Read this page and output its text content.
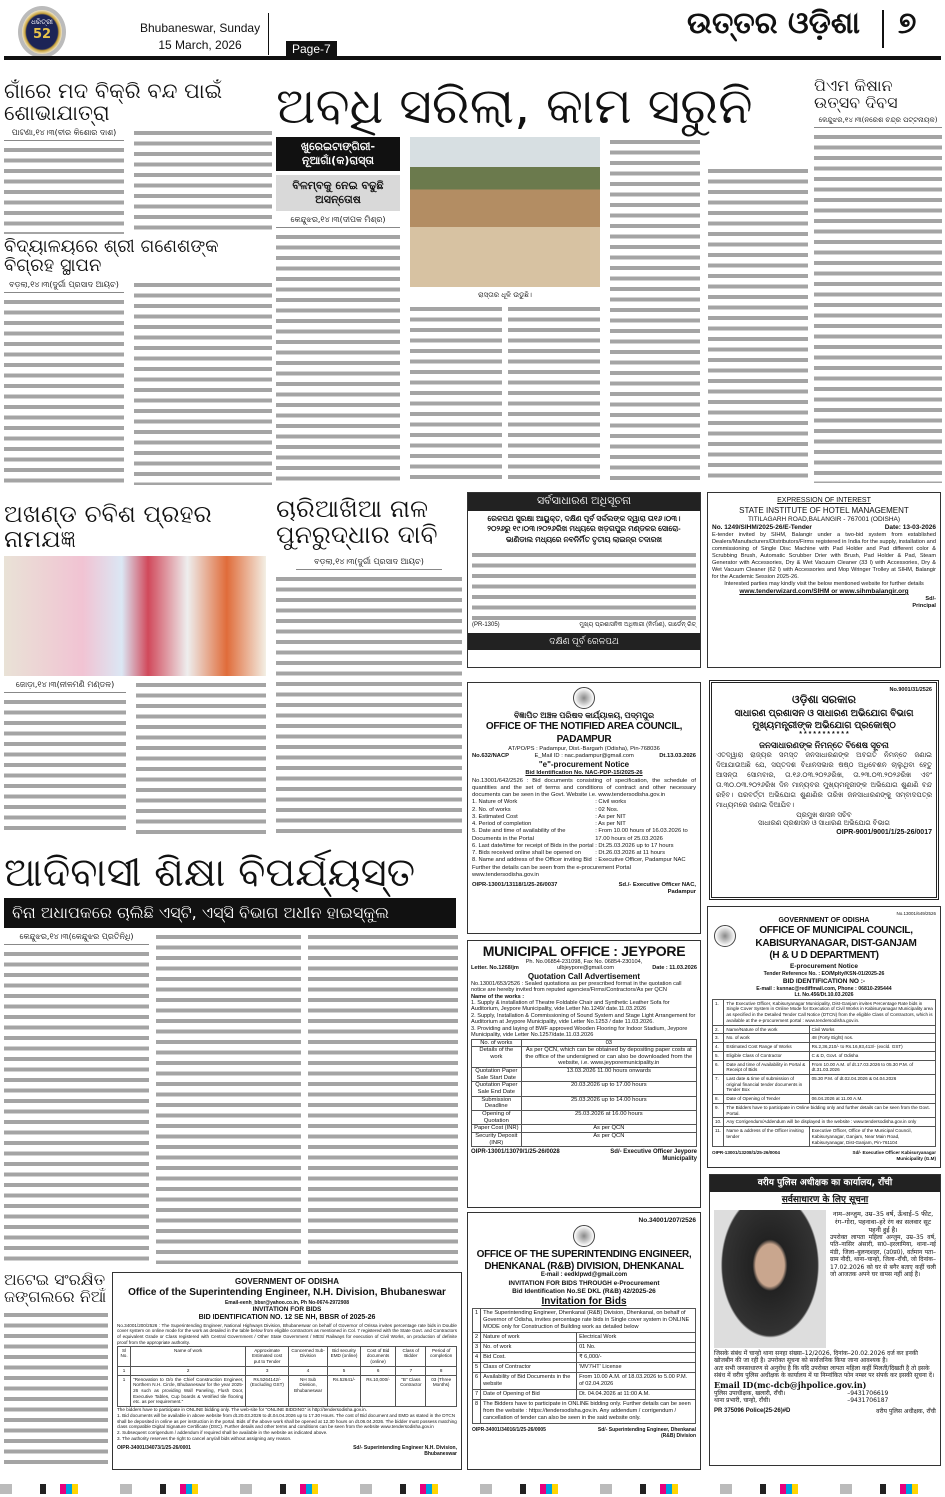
ଧରିତ୍ରୀ
52	Bhubaneswar, Sunday
15 March, 2026	Page-7
ଉତ୍ତର ଓଡ଼ିଶା ୭
ଗାଁରେ ମଦ ବିକ୍ରି ବନ୍ଦ ପାଇଁ ଶୋଭାଯାତ୍ରା
ପାଟଣା,୧୪।୩(ବୀର କିଶୋର ଦାଶ)	ଅବଧି ସରିଲା, କାମ ସରୁନି
ଖୁରେଇଟାଙ୍ଗିରୀ-ନୂଆଗାଁ(କ)ରାସ୍ତା
ବିଳମ୍ବକୁ ନେଇ ବଢୁଛି ଅସନ୍ତୋଷ
କେନ୍ଦୁଝର,୧୪।୩(ଦୀପକ ମିଶ୍ର)
ରାସ୍ତାର ଧୂଳି ଉଡୁଛି।
ବିଦ୍ୟାଳୟରେ ଶ୍ରୀ ଗଣେଶଙ୍କ ବିଗ୍ରହ ସ୍ଥାପନ
ବଡ଼ଲା,୧୪।୩(ଦୁର୍ଗା ପ୍ରସାଦ ଆୟଚ)
ପିଏମ କିଷାନ ଉତ୍ସବ ଦିବସ
କେନ୍ଦୁଝର,୧୪।୩(ନରେଶ ଚନ୍ଦ୍ର ପଟ୍ଟନାୟକ)
ଅଖଣ୍ଡ ଚବିଶ ପ୍ରହର ନାମଯଜ୍ଞ
ଜୋଡ଼ା,୧୪।୩(ନୀଳମଣି ମଣ୍ଡଳ)
ଚାରିଆଖିଆ ନାଳ ପୁନରୁଦ୍ଧାର ଦାବି
ବଡ଼ଲା,୧୪।୩(ଦୁର୍ଗା ପ୍ରସାଦ ଆୟଚ)
ଆଦିବାସୀ ଶିକ୍ଷା ବିପର୍ଯ୍ୟସ୍ତ
ବିନା ଅଧାପକରେ ଚାଲିଛି ଏସ୍‌ଟି, ଏସ୍‌ସି ବିଭାଗ ଅଧୀନ ହାଇସ୍କୁଲ
କେନ୍ଦୁଝର,୧୪।୩(କେନ୍ଦୁଝର ପ୍ରତିନିଧି)
ଅଟେଇ ସଂରକ୍ଷିତ ଜଙ୍ଗଲରେ ନିଆଁ
ସର୍ବସାଧାରଣ ଅଧିସୂଚନା
ରେଳପଥ ସୁରକ୍ଷା ଆୟୁକ୍ତ, ଦକ୍ଷିଣ ପୂର୍ବ ସର୍କଲଙ୍କ ଦ୍ୱାରା ତା୧୬।୦୩।୨୦୨୬ରୁ ୧୯।୦୩।୨୦୨୬ରିଖ ମଧ୍ୟରେ ଖଡ଼ଗପୁର ମଣ୍ଡଳର ସୋରୋ-ଭାଣିଡାଲ ମଧ୍ୟରେ ନବନିର୍ମିତ ତୃତୀୟ ଲାଇନ୍‌ର ତଦାରଖ
(PR-1305)	ମୁଖ୍ୟ ପ୍ରଶାସନିକ ଅଧିକାରୀ (ନିର୍ମାଣ), ଗାର୍ଡେନ୍ ରିଚ୍
ଦକ୍ଷିଣ ପୂର୍ବ ରେଳପଥ
EXPRESSION OF INTEREST
STATE INSTITUTE OF HOTEL MANAGEMENT
TITILAGARH ROAD,BALANGIR - 767001 (ODISHA)
No. 1249/SIHM/2025-26/E-Tender	Date: 13-03-2026
E-tender invited by SIHM, Balangir under a two-bid system from established Dealers/Manufacturers/Distributors/Firms registered in India for the supply, installation and commissioning of Single Disc Machine with Pad Holder and Pad different color & Scrubbing Brush, Automatic Scrubber Drier with Brush, Pad Holder & Pad, Steam Generator with Accessories, Dry & Wet Vacuum Cleaner (33 l) with Accessories, Dry & Wet Vacuum Cleaner (62 l) with Accessories and Mop Wringer Trolley at SIHM, Balangir for the Academic Session 2025-26.
Interested parties may kindly visit the below mentioned website for further details
www.tenderwizard.com/SIHM or www.sihmbalangir.org
Sd/-
Principal
ବିଜ୍ଞାପିତ ଅଞ୍ଚଳ ପରିଷଦ କାର୍ଯ୍ୟାଳୟ, ପଦ୍ମପୁର
OFFICE OF THE NOTIFIED AREA COUNCIL, PADAMPUR
AT/PO/PS : Padampur, Dist.-Bargarh (Odisha), Pin-768036
No.632/NACP	E_Mail ID : nac.padampur@gmail.com	Dt.13.03.2026
"e"-procurement Notice
Bid Identification No. NAC-PDP-15/2025-26
No.13001/642/2526 : Bid documents consisting of specification, the schedule of quantities and the set of terms and conditions of contract and other necessary documents can be seen in the Govt. Website i.e. www.tendersodisha.gov.in
1. Nature of Work	: Civil works
2. No. of works	: 02 Nos.
3. Estimated Cost	: As per NIT
4. Period of completion	: As per NIT
5. Date and time of availability of the Documents in the Portal
: From 10.00 hours of 16.03.2026 to 17.00 hours of 25.03.2026
6. Last date/time for receipt of Bids in the portal : Dt.25.03.2026 up to 17 hours
7. Bids received online shall be opened on	: Dt.26.03.2026 at 11 hours
8. Name and address of the Officer inviting Bid : Executive Officer, Padampur NAC
Further the details can be seen from the e-procurement Portal www.tendersodisha.gov.in
OIPR-13001/13118/1/25-26/0037	Sd./- Executive Officer NAC, Padampur
No.9001/31/2526
ଓଡ଼ିଶା ସରକାର
ସାଧାରଣ ପ୍ରଶାସନ ଓ ସାଧାରଣ ଅଭିଯୋଗ ବିଭାଗ
ମୁଖ୍ୟମନ୍ତ୍ରୀଙ୍କ ଅଭିଯୋଗ ପ୍ରକୋଷ୍ଠ
* * * * * * * * * * *
ଜନସାଧାରଣଙ୍କ ନିମନ୍ତେ ବିଶେଷ ସୂଚନା
ଏତଦ୍ୱାରା ରାଜ୍ୟର ସମସ୍ତ ଜନସାଧାରଣଙ୍କ ଅବଗତି ନିମନ୍ତେ ଜଣାଇ ଦିଆଯାଉଅଛି ଯେ, ସପ୍ତଦଶ ବିଧାନସଭାର ଷଷ୍ଠ ଅଧିବେଶନ ଚାଲୁଥିବା ହେତୁ ଆସନ୍ତା ସୋମବାର, ତା.୧୬.୦୩.୨୦୨୬ରିଖ, ତା.୨୩.୦୩.୨୦୨୬ରିଖ ଏବଂ ତା.୩୦.୦୩.୨୦୨୬ରିଖ ଦିନ ମାନ୍ୟବର ମୁଖ୍ୟମନ୍ତ୍ରୀଙ୍କ ଅଭିଯୋଗ ଶୁଣାଣି ବନ୍ଦ ରହିବ। ପରବର୍ତ୍ତୀ ଅଭିଯୋଗ ଶୁଣାଣିର ତାରିଖ ଜନସାଧାରଣଙ୍କୁ ସମ୍ବାଦପତ୍ର ମାଧ୍ୟମରେ ଜଣାଇ ଦିଆଯିବ।
ପ୍ରମୁଖ ଶାସନ ସଚିବ
ସାଧାରଣ ପ୍ରଶାସନ ଓ ସାଧାରଣ ଅଭିଯୋଗ ବିଭାଗ
OIPR-9001/9001/1/25-26/0017
MUNICIPAL OFFICE : JEYPORE
Ph. No.06854-231098, Fax No. 06854-230104,
Letter. No.1268/jm	ulbjeypore@gmail.com	Date : 11.03.2026
Quotation Call Advertisement
No.13001/653/2526 : Sealed quotations as per prescribed format in the quotation call notice are hereby invited from reputed agencies/Firms/Contractors/As per QCN
Name of the works :
1. Supply & installation of Theatre Foldable Chair and Synthetic Leather Sofa for Auditorium, Jeypore Municipality, vide Letter No.1249/ date.11.03.2026
2. Supply, Installation & Commissioning of Sound System and Stage Light Arrangement for Auditorium at Jeypore Municipality, vide Letter No.1253 / date 11.03.2026.
3. Providing and laying of BWF approved Wooden Flooring for Indoor Stadium, Jeypore Municipality, vide Letter No.1257/date.11.03.2026
No. of works	03
Details of the work	As per QCN, which can be obtained by depositing paper costs at the office of the undersigned or can also be downloaded from the website, i.e. www.jeyporemunicipality.in
Quotation Paper Sale Start Date	13.03.2026 11.00 hours onwards
Quotation Paper Sale End Date	20.03.2026 up to 17.00 hours
Submission Deadline	25.03.2026 up to 14.00 hours
Opening of Quotation	25.03.2026 at 16.00 hours
Paper Cost (INR)	As per QCN
Security Deposit (INR)	As per QCN
OIPR-13001/13079/1/25-26/0028	Sd/- Executive Officer Jeypore Municipality
No.13001/649/2526
GOVERNMENT OF ODISHA
OFFICE OF MUNICIPAL COUNCIL, KABISURYANAGAR, DIST-GANJAM
(H & U D DEPARTMENT)
E-procurement Notice
Tender Reference No. : EO/Mplty/KSN-01/2025-26
BID IDENTIFICATION NO :-
E-mail : ksnnac@rediffmail.com, Phone : 06810-295444
Lt. No.456/Dt.10.03.2026
1.	The Executive Officer, Kabisuryanagar Municipality, Dist-Ganjam invites Percentage Rate bids in Single Cover System in Online Mode for Execution of Civil Works in Kabisuryanagar Municipality area as specified in the Detailed Tender Call Notice (DTCN) from the eligible Class of Contractors, which is available at the e-procurement portal : www.tendersodisha.gov.in.	
2.	Name/Nature of the work	Civil Works
3.	No. of work	48 (Forty Eight) nos.
4.	Estimated Cost Range of Works	Rs.2,36,210/- to Rs.16,93,413/- (excld. GST)
5.	Eligible Class of Contractor	C & D, Govt. of Odisha
6.	Date and time of Availability in Portal & Receipt of Bids	From 10.00 A.M. of dt.17.03.2026 to 05.30 P.M. of dt.31.03.2026
7.	Last date & time of submission of original financial tender documents in Tender Box	05.30 P.M. of dt.02.04.2026 & 04.04.2026
8.	Date of Opening of Tender	06.04.2026 at 11.00 A.M.
9.	The Bidders have to participate in Online bidding only and further details can be seen from the Govt. Portal.	
10.	Any Corrigendum/Addendum will be displayed in the website : www.tendersodisha.gov.in only	
11.	Name & address of the Officer inviting tender	Executive Officer, Office of the Municipal Council, Kabisuryanagar, Ganjam, Near Main Road, Kabisuryanagar, Dist-Ganjam, Pin-761104
OIPR-13001/13208/1/25-26/0004	Sd/- Executive Officer Kabisuryanagar Municipality (G.M)
No.34001/207/2526
OFFICE OF THE SUPERINTENDING ENGINEER, DHENKANAL (R&B) DIVISION, DHENKANAL
E-mail : eedklpwd@gmail.com
INVITATION FOR BIDS THROUGH e-Procurement
Bid Identification No.SE DKL (R&B) 42/2025-26
Invitation for Bids
1	The Superintending Engineer, Dhenkanal (R&B) Division, Dhenkanal, on behalf of Governor of Odisha, invites percentage rate bids in Single cover system in ONLINE MODE only for Construction of Building work as detailed below	
2	Nature of work	Electrical Work
3	No. of work	01 No.
4	Bid Cost.	₹ 6,000/-
5	Class of Contractor	'MV'/'HT' License
6	Availability of Bid Documents in the website	From 10.00 A.M. of 18.03.2026 to 5.00 P.M. of 02.04.2026
7	Date of Opening of Bid	Dt. 04.04.2026 at 11:00 A.M.
8	The Bidders have to participate in ONLINE bidding only. Further details can be seen from the website : https://tendersodisha.gov.in. Any addendum / corrigendum / cancellation of tender can also be seen in the said website only.	
OIPR-34001/34016/1/25-26/0005	Sd/- Superintending Engineer, Dhenkanal (R&B) Division
वरीय पुलिस अधीक्षक का कार्यालय, राँची
सर्वसाधारण के लिए सूचना
नाम–अन्जुम, उम्र–35 वर्ष, ऊँचाई–5 फीट, रंग–गोरा, पहनावा–हरे रंग का सलवार सूट पहनी हुई है।
उपरोक्त लापता महिला अन्जुम, उम्र–35 वर्ष, पति–नासिर अंसारी, सा0–इरलामिया, थाना–नई मंडी, जिला–बुलन्दशहर, (उ0प्र0), वर्तमान पता–ग्राम नौदी, थाना–चान्हो, जिला–राँची, जो दिनांक–17.02.2026 को घर से बगैर बताए कहीं चली जो आजतक अपने घर वापस नहीं आई है।
जिसके संबंध में चान्हो थाना सनहा संख्या–12/2026, दिनांक–20.02.2026 दर्ज कर इनकी खोजबीन की जा रही है। उपरोक्त सूचना को सार्वजनिक किया जाना आवश्यक है।
अतः सभी जनसाधारण से अनुरोध है कि यदि उपरोक्त लापता महिला कहीं मिलती/दिखती है तो इसके संबंध में वरीय पुलिस अधीक्षक के कार्यालय में या निम्नांकित फोन नम्बर पर संपर्क कर इसकी सूचना दें।
Email ID(mc-dcb@jhpolice.gov.in)
पुलिस उपाधीक्षक, खलारी, राँची।	–9431706619
थाना प्रभारी, चान्हो, राँची।	–9431706187
PR 375096 Police(25-26)#D	वरीय पुलिस अधीक्षक, राँची
GOVERNMENT OF ODISHA
Office of the Superintending Engineer, N.H. Division, Bhubaneswar
Email-eenh_bbsr@yahoo.co.in, Ph No-0674-2972908
INVITATION FOR BIDS
BID IDENTIFICATION NO. 12 SE NH, BBSR of 2025-26
No.34001/200/2526 : The Superintending Engineer, National Highways Division, Bhubaneswar on behalf of Governor of Orissa invites percentage rate bids in Double cover system on online mode for the work as detailed in the table below from eligible contractors as mentioned in Col. 7 registered with the State Govt. and Contractors of equivalent Grade or Class registered with Central Government / Other State Government / MES/ Railways for execution of Civil Works, on production of definite proof from the appropriate authority.
Sl No.	Name of work	Approximate Estimated cost put to Tender	Concerned Sub-Division	Bid security EMD (online)	Cost of Bid documents (online)	Class of Bidder	Period of completion
1	2	3	4	5	6	7	8
1	"Renovation to O/o the Chief Construction Engineer, Northern N.H. Circle, Bhubaneswar for the year 2025-26 such as providing Wall Paneling, Flush Door, Executive Tables, Cup boards & Vetrified tile flooring etc. as per requirement."	Rs.5264142/- (Excluding GST)	NH Sub Division, Bhubaneswar	Rs.52641/-	Rs.10,000/-	"B" Class Contractor	03 (Three Months)
The bidders have to participate in ONLINE bidding only. The web-site for "ONLINE BIDDING" is http://tendersodisha.gov.in.
1. Bid documents will be available in above website from dt.20.03.2026 to dt.04.04.2026 up to 17.30 Hours. The cost of Bid document and EMD as stated in the DTCN shall be deposited in online as per instruction in the portal. Bids of the above work shall be opened at 12.30 hours on dt.06.04.2026. The bidder must possess matching class compatible Digital Signature Certificate (DSC). Further details and other terms and conditions can be seen from the website www.tendersodisha.gov.in
2. Subsequent corrigendum / addendum if required shall be available in the website as indicated above.
3. The authority reserves the right to cancel any/all bids without assigning any reason.
OIPR-34001/34073/1/25-26/0001	Sd/- Superintending Engineer N.H. Division, Bhubaneswar
